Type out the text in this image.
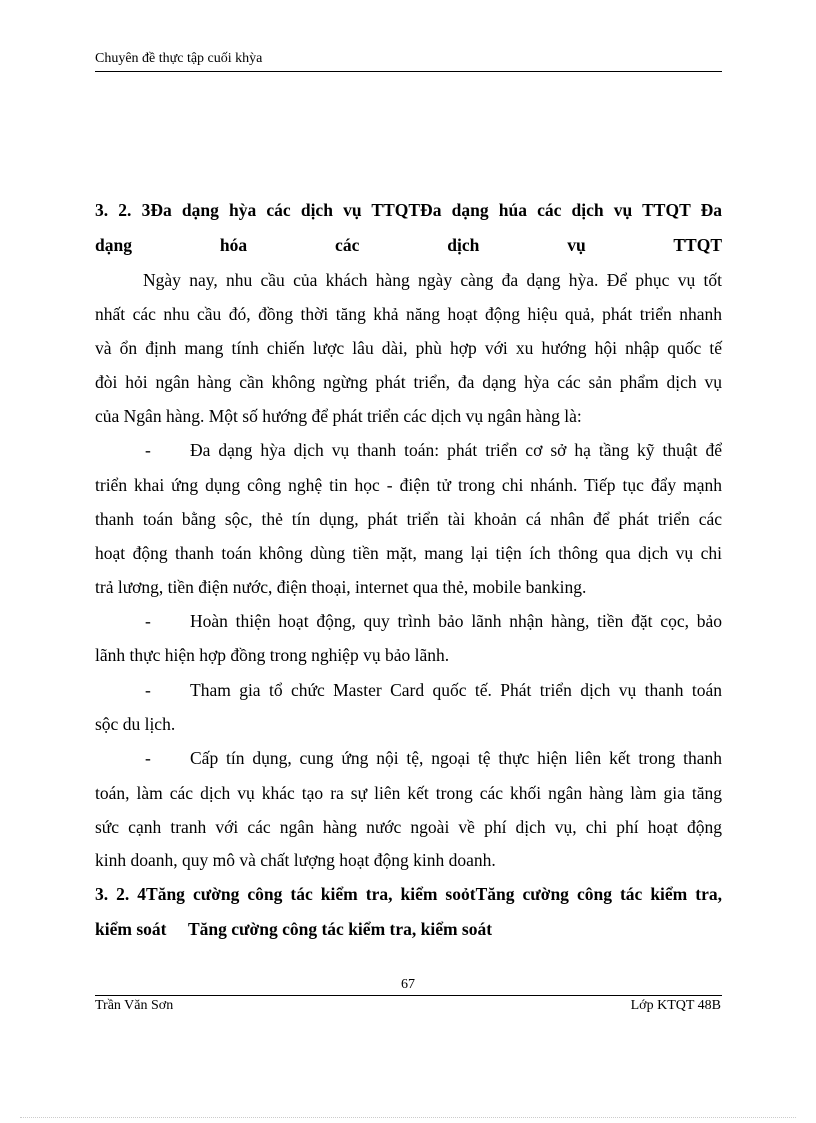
Chuyên đề thực tập cuối khỳa
3. 2. 3Đa dạng hỳa các dịch vụ TTQTĐa dạng húa các dịch vụ TTQT Đa
dạng hóa các dịch vụ TTQT
Ngày nay, nhu cầu của khách hàng ngày càng đa dạng hỳa. Để phục vụ tốt
nhất các nhu cầu đó, đồng thời tăng khả năng hoạt động hiệu quả, phát triển nhanh
và ổn định mang tính chiến lược lâu dài, phù hợp với xu hướng hội nhập quốc tế
đòi hỏi ngân hàng cần không ngừng phát triển, đa dạng hỳa các sản phẩm dịch vụ
của Ngân hàng. Một số hướng để phát triển các dịch vụ ngân hàng là:
- Đa dạng hỳa dịch vụ thanh toán: phát triển cơ sở hạ tầng kỹ thuật để
triển khai ứng dụng công nghệ tin học - điện tử trong chi nhánh. Tiếp tục đẩy mạnh
thanh toán bằng sộc, thẻ tín dụng, phát triển tài khoản cá nhân để phát triển các
hoạt động thanh toán không dùng tiền mặt, mang lại tiện ích thông qua dịch vụ chi
trả lương, tiền điện nước, điện thoại, internet qua thẻ, mobile banking.
- Hoàn thiện hoạt động, quy trình bảo lãnh nhận hàng, tiền đặt cọc, bảo
lãnh thực hiện hợp đồng trong nghiệp vụ bảo lãnh.
- Tham gia tổ chức Master Card quốc tế. Phát triển dịch vụ thanh toán
sộc du lịch.
- Cấp tín dụng, cung ứng nội tệ, ngoại tệ thực hiện liên kết trong thanh
toán, làm các dịch vụ khác tạo ra sự liên kết trong các khối ngân hàng làm gia tăng
sức cạnh tranh với các ngân hàng nước ngoài về phí dịch vụ, chi phí hoạt động
kinh doanh, quy mô và chất lượng hoạt động kinh doanh.
3. 2. 4Tăng cường công tác kiểm tra, kiểm soỏtTăng cường công tác kiểm tra,
kiểm soát     Tăng cường công tác kiểm tra, kiểm soát
67
Trần Văn Sơn	Lớp KTQT 48B
